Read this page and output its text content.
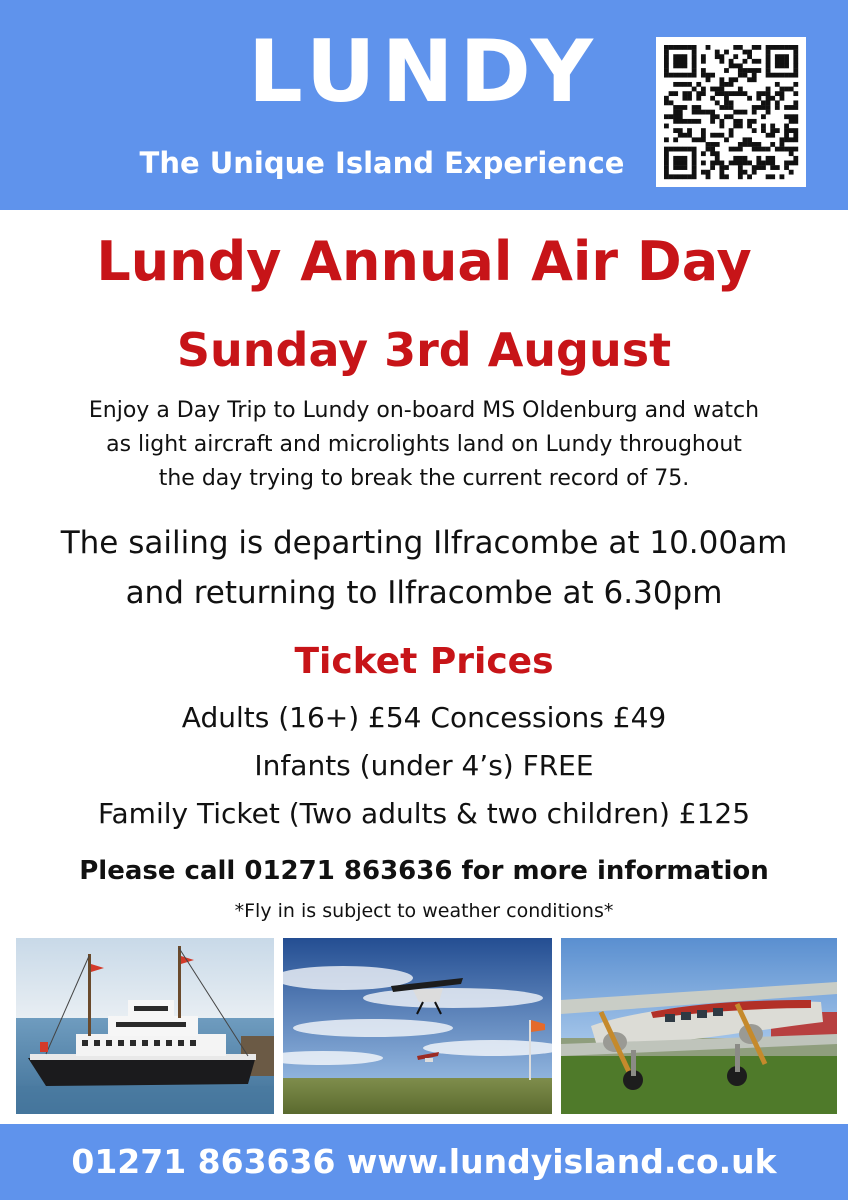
LUNDY
The Unique Island Experience
Lundy Annual Air Day
Sunday 3rd August
Enjoy a Day Trip to Lundy on-board MS Oldenburg and watch
as light aircraft and microlights land on Lundy throughout
the day trying to break the current record of 75.
The sailing is departing Ilfracombe at 10.00am
and returning to Ilfracombe at 6.30pm
Ticket Prices
Adults (16+) £54 Concessions £49
Infants (under 4’s) FREE
Family Ticket (Two adults & two children) £125
Please call 01271 863636 for more information
*Fly in is subject to weather conditions*
01271 863636 www.lundyisland.co.uk
